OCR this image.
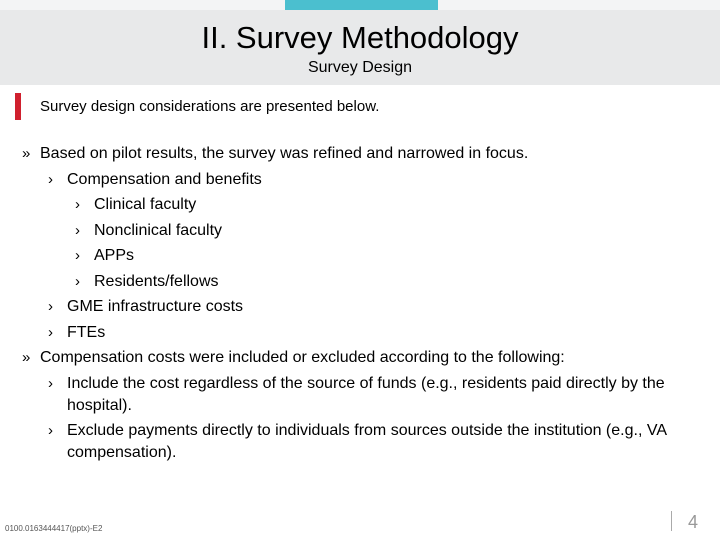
II. Survey Methodology
Survey Design
Survey design considerations are presented below.
» Based on pilot results, the survey was refined and narrowed in focus.
› Compensation and benefits
› Clinical faculty
› Nonclinical faculty
› APPs
› Residents/fellows
› GME infrastructure costs
› FTEs
» Compensation costs were included or excluded according to the following:
› Include the cost regardless of the source of funds (e.g., residents paid directly by the hospital).
› Exclude payments directly to individuals from sources outside the institution (e.g., VA compensation).
0100.0163444417(pptx)-E2	4
